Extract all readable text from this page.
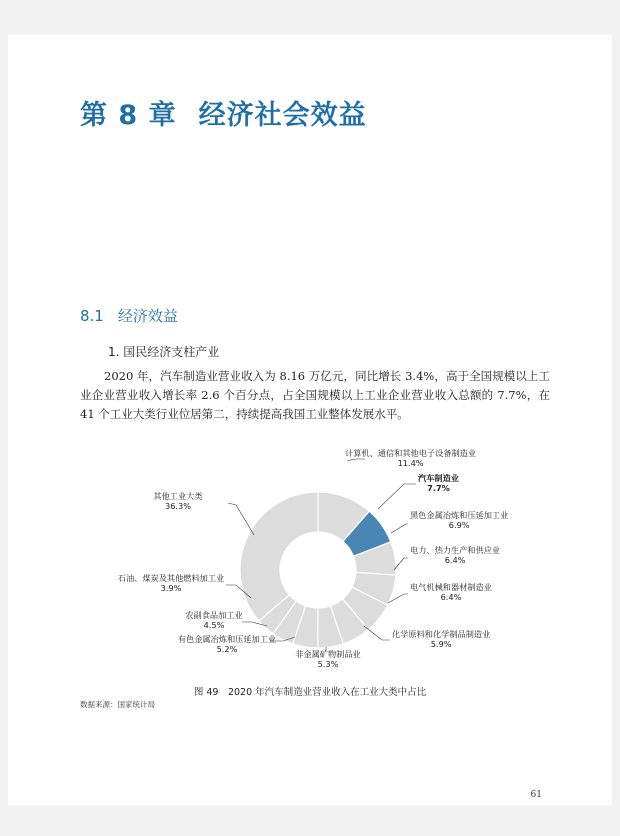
第 8 章 经济社会效益
8.1 经济效益
1. 国民经济支柱产业
2020 年，汽车制造业营业收入为 8.16 万亿元，同比增长 3.4%，高于全国规模以上工业企业营业收入增长率 2.6 个百分点，占全国规模以上工业企业营业收入总额的 7.7%，在 41 个工业大类行业位居第二，持续提高我国工业整体发展水平。
计算机、通信和其他电子设备制造业
11.4%
汽车制造业
7.7%
黑色金属冶炼和压延加工业
6.9%
电力、热力生产和供应业
6.4%
电气机械和器材制造业
6.4%
化学原料和化学制品制造业
5.9%
非金属矿物制品业
5.3%
有色金属冶炼和压延加工业
5.2%
农副食品加工业
4.5%
石油、煤炭及其他燃料加工业
3.9%
其他工业大类
36.3%
图 49　2020 年汽车制造业营业收入在工业大类中占比
数据来源：国家统计局
61
